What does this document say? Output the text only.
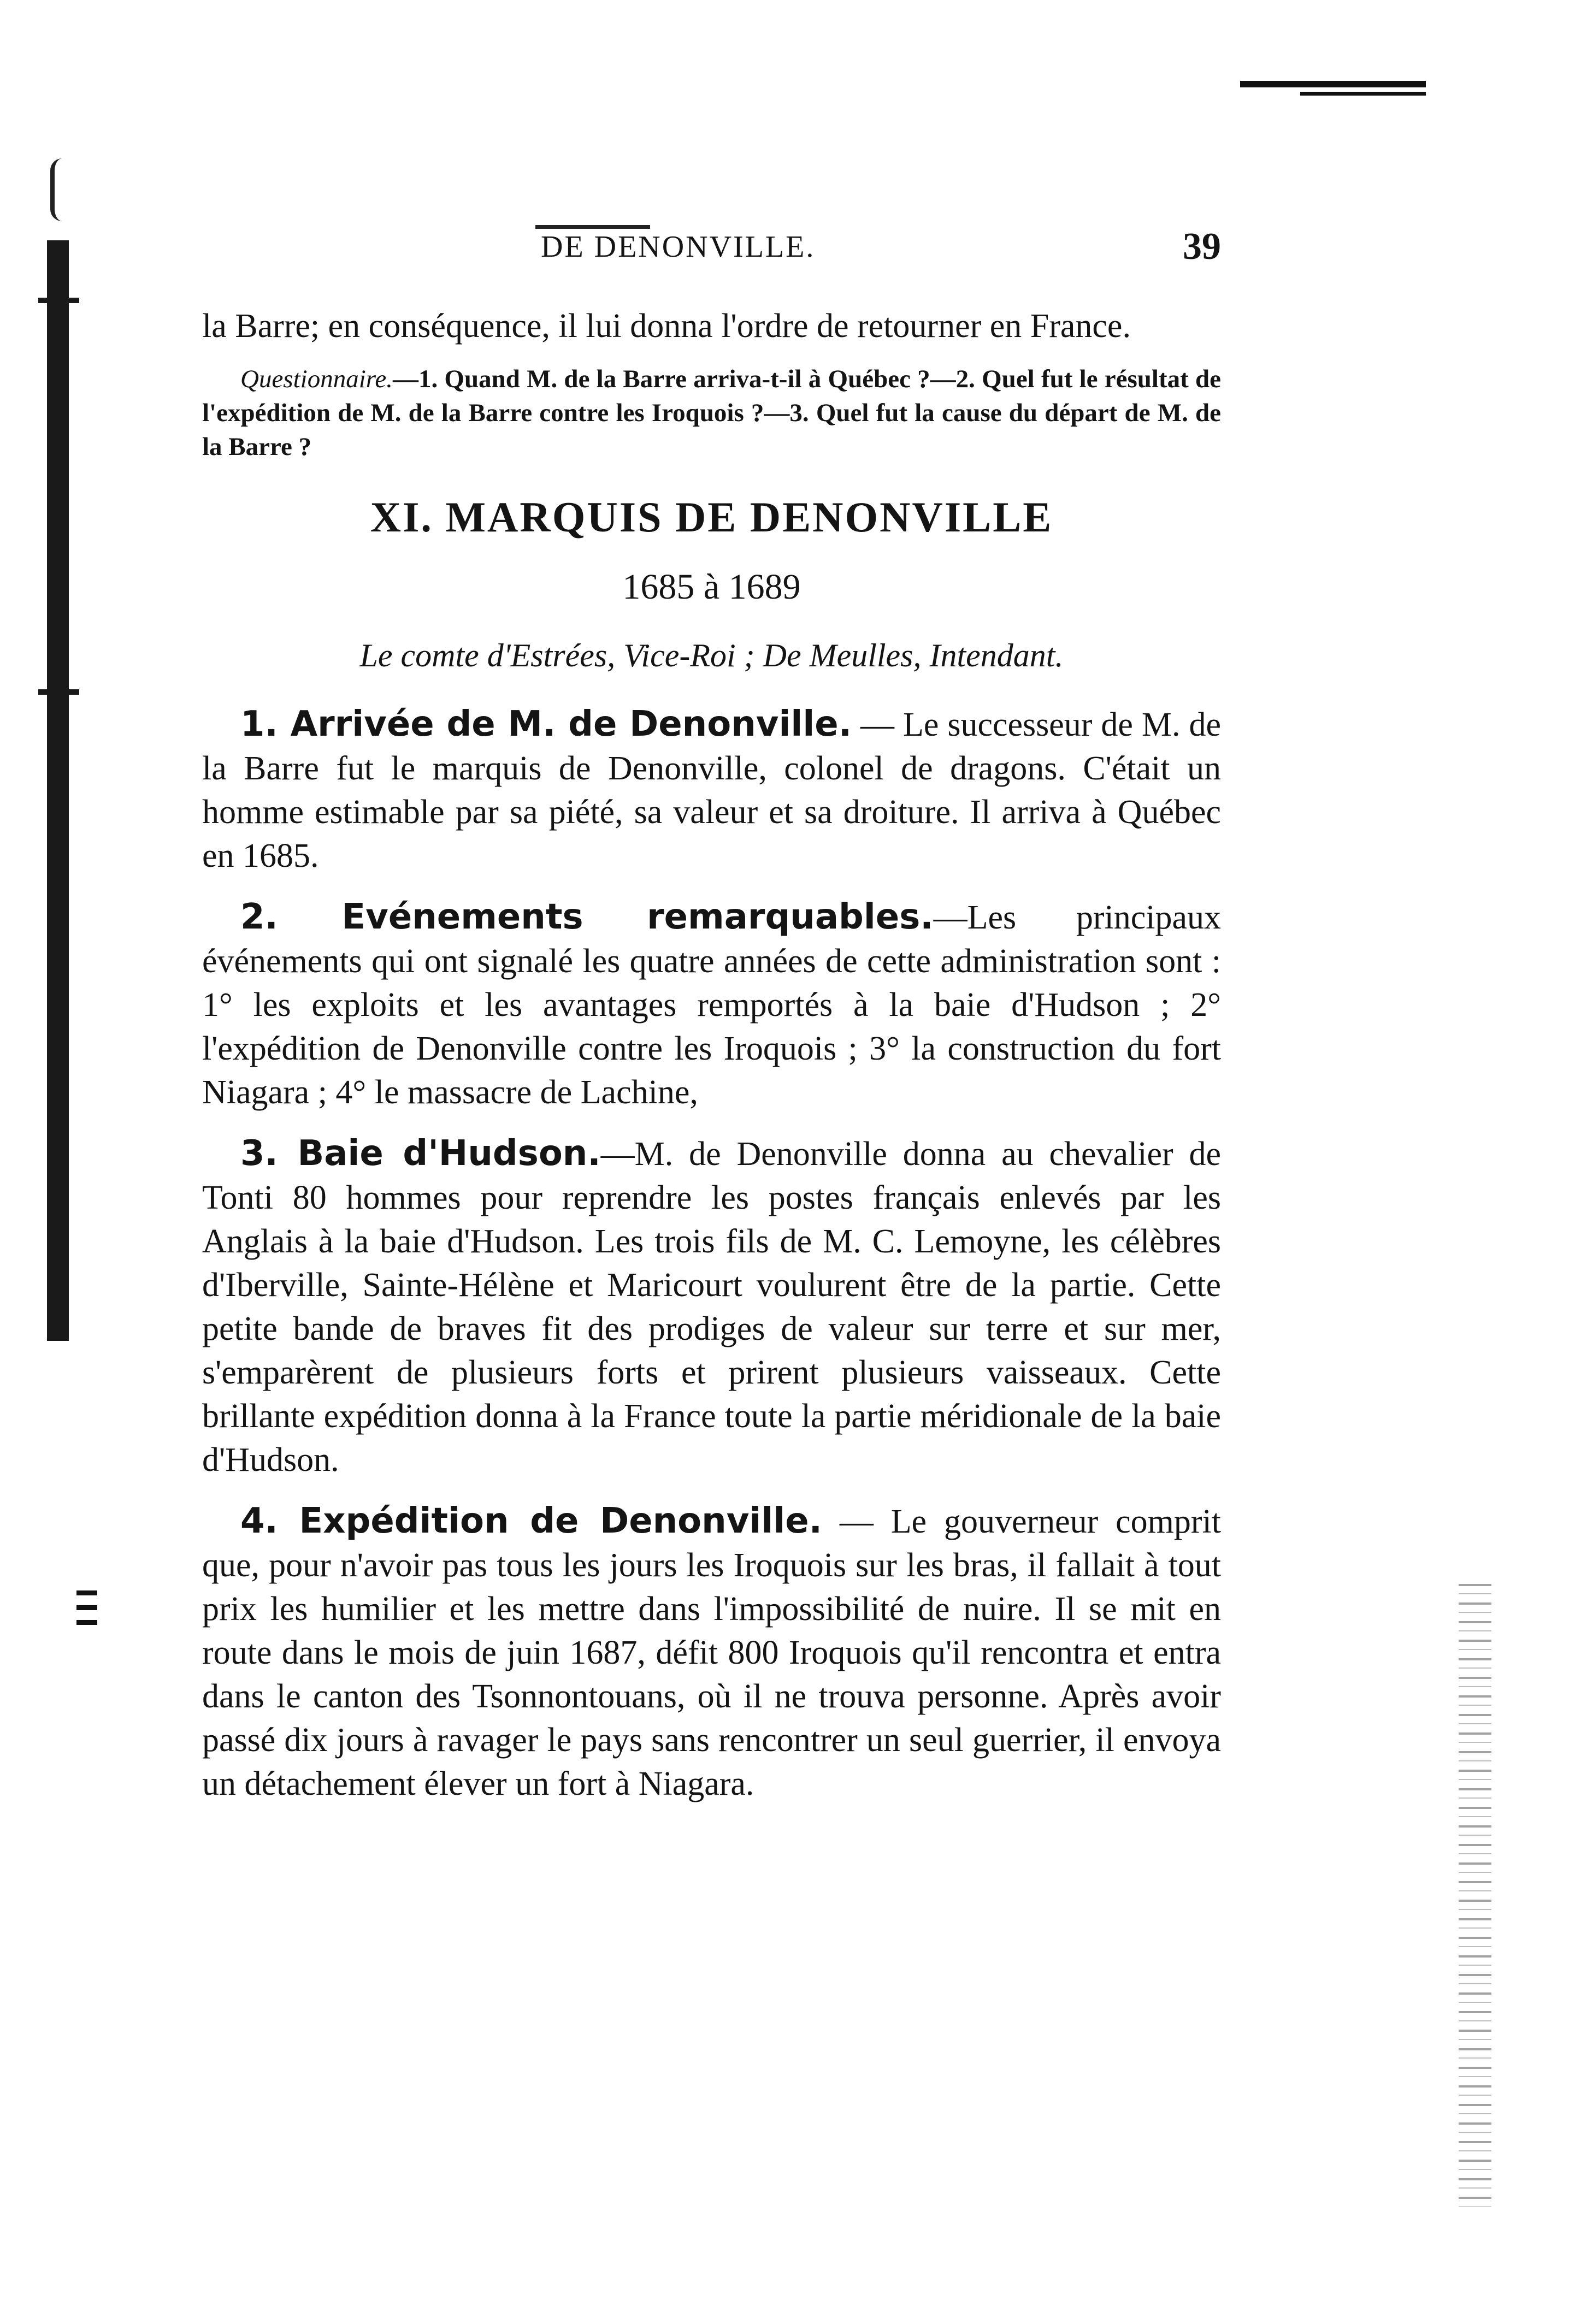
DE DENONVILLE.	39

la Barre; en conséquence, il lui donna l'ordre de retourner en France.

Questionnaire.—1. Quand M. de la Barre arriva-t-il à Québec ?—2. Quel fut le résultat de l'expédition de M. de la Barre contre les Iroquois ?—3. Quel fut la cause du départ de M. de la Barre ?

XI. MARQUIS DE DENONVILLE
1685 à 1689
Le comte d'Estrées, Vice-Roi ; De Meulles, Intendant.

1. Arrivée de M. de Denonville. — Le successeur de M. de la Barre fut le marquis de Denonville, colonel de dragons. C'était un homme estimable par sa piété, sa valeur et sa droiture. Il arriva à Québec en 1685.

2. Evénements remarquables.—Les principaux événements qui ont signalé les quatre années de cette administration sont : 1° les exploits et les avantages remportés à la baie d'Hudson ; 2° l'expédition de Denonville contre les Iroquois ; 3° la construction du fort Niagara ; 4° le massacre de Lachine,

3. Baie d'Hudson.—M. de Denonville donna au chevalier de Tonti 80 hommes pour reprendre les postes français enlevés par les Anglais à la baie d'Hudson. Les trois fils de M. C. Lemoyne, les célèbres d'Iberville, Sainte-Hélène et Maricourt voulurent être de la partie. Cette petite bande de braves fit des prodiges de valeur sur terre et sur mer, s'emparèrent de plusieurs forts et prirent plusieurs vaisseaux. Cette brillante expédition donna à la France toute la partie méridionale de la baie d'Hudson.

4. Expédition de Denonville. — Le gouverneur comprit que, pour n'avoir pas tous les jours les Iroquois sur les bras, il fallait à tout prix les humilier et les mettre dans l'impossibilité de nuire. Il se mit en route dans le mois de juin 1687, défit 800 Iroquois qu'il rencontra et entra dans le canton des Tsonnontouans, où il ne trouva personne. Après avoir passé dix jours à ravager le pays sans rencontrer un seul guerrier, il envoya un détachement élever un fort à Niagara.
